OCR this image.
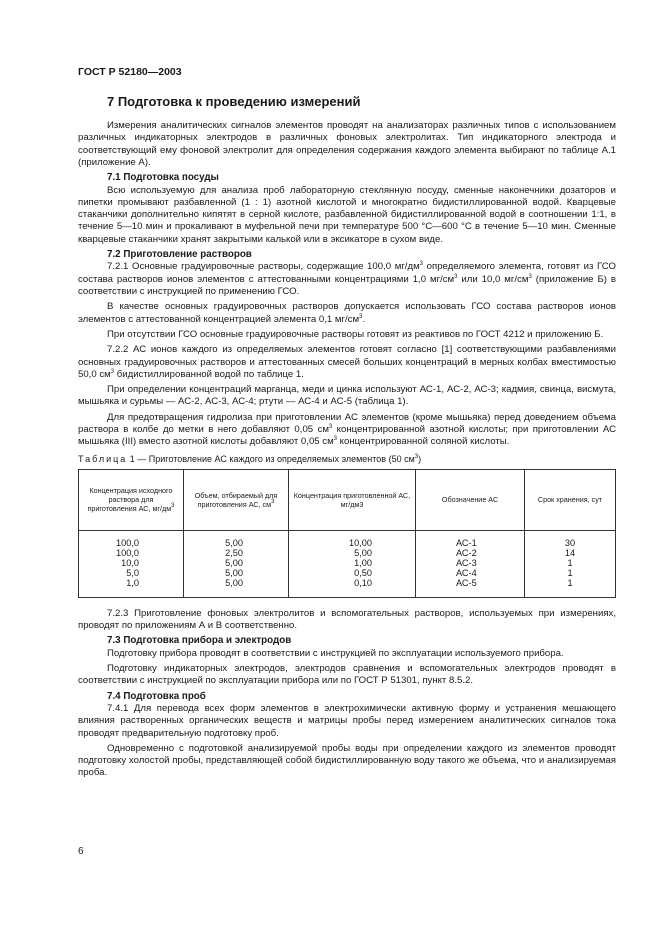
ГОСТ Р 52180—2003
7 Подготовка к проведению измерений

Измерения аналитических сигналов элементов проводят на анализаторах различных типов с использованием различных индикаторных электродов в различных фоновых электролитах. Тип индикаторного электрода и соответствующий ему фоновой электролит для определения содержания каждого элемента выбирают по таблице А.1 (приложение А).

7.1 Подготовка посуды

Всю используемую для анализа проб лабораторную стеклянную посуду, сменные наконечники дозаторов и пипетки промывают разбавленной (1 : 1) азотной кислотой и многократно бидистиллированной водой. Кварцевые стаканчики дополнительно кипятят в серной кислоте, разбавленной бидистиллированной водой в соотношении 1:1, в течение 5—10 мин и прокаливают в муфельной печи при температуре 500 °С—600 °С в течение 5—10 мин. Сменные кварцевые стаканчики хранят закрытыми калькой или в эксикаторе в сухом виде.

7.2 Приготовление растворов

7.2.1 Основные градуировочные растворы, содержащие 100,0 $мг/дм^3$ определяемого элемента, готовят из ГСО состава растворов ионов элементов с аттестованными концентрациями 1,0 $мг/см^3$ или 10,0 $мг/см^3$ (приложение Б) в соответствии с инструкцией по применению ГСО.

В качестве основных градуировочных растворов допускается использовать ГСО состава растворов ионов элементов с аттестованной концентрацией элемента 0,1 $мг/см^3$.

При отсутствии ГСО основные градуировочные растворы готовят из реактивов по ГОСТ 4212 и приложению Б.

7.2.2 АС ионов каждого из определяемых элементов готовят согласно [1] соответствующими разбавлениями основных градуировочных растворов и аттестованных смесей больших концентраций в мерных колбах вместимостью 50,0 $см^3$ бидистиллированной водой по таблице 1.

При определении концентраций марганца, меди и цинка используют АС-1, АС-2, АС-3; кадмия, свинца, висмута, мышьяка и сурьмы — АС-2, АС-3, АС-4; ртути — АС-4 и АС-5 (таблица 1).

Для предотвращения гидролиза при приготовлении АС элементов (кроме мышьяка) перед доведением объема раствора в колбе до метки в него добавляют 0,05 $см^3$ концентрированной азотной кислоты; при приготовлении АС мышьяка (III) вместо азотной кислоты добавляют 0,05 $см^3$ концентрированной соляной кислоты.

Таблица 1 — Приготовление АС каждого из определяемых элементов (50 $см^3$)
Концентрация исходного раствора для приготовления АС, $мг/дм^3$	Объем, отбираемый для приготовления АС, $см^3$	Концентрация приготовленной АС, мг/дм3	Обозначение АС	Срок хранения, сут
100,0	5,00	10,00	АС-1	30
100,0	2,50	5,00	АС-2	14
10,0	5,00	1,00	АС-3	1
5,0	5,00	0,50	АС-4	1
1,0	5,00	0,10	АС-5	1

7.2.3 Приготовление фоновых электролитов и вспомогательных растворов, используемых при измерениях, проводят по приложениям А и В соответственно.

7.3 Подготовка прибора и электродов

Подготовку прибора проводят в соответствии с инструкцией по эксплуатации используемого прибора.

Подготовку индикаторных электродов, электродов сравнения и вспомогательных электродов проводят в соответствии с инструкцией по эксплуатации прибора или по ГОСТ Р 51301, пункт 8.5.2.

7.4 Подготовка проб

7.4.1 Для перевода всех форм элементов в электрохимически активную форму и устранения мешающего влияния растворенных органических веществ и матрицы пробы перед измерением аналитических сигналов тока проводят предварительную подготовку проб.

Одновременно с подготовкой анализируемой пробы воды при определении каждого из элементов проводят подготовку холостой пробы, представляющей собой бидистиллированную воду такого же объема, что и анализируемая проба.

6
